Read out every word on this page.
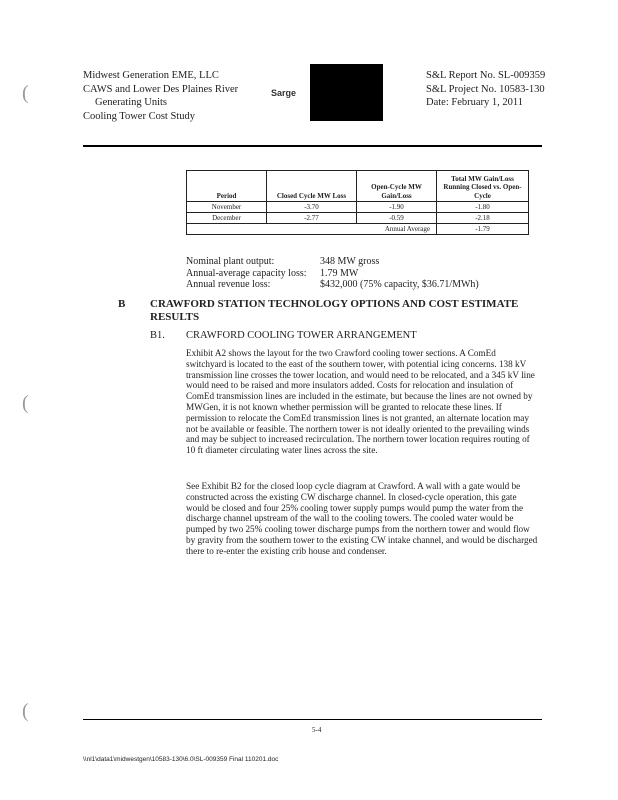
Midwest Generation EME, LLC
CAWS and Lower Des Plaines River
Generating Units
Cooling Tower Cost Study
Sarge
S&L Report No. SL-009359
S&L Project No. 10583-130
Date: February 1, 2011
(
(
(
Period	Closed Cycle MW Loss	Open-Cycle MW Gain/Loss	Total MW Gain/Loss Running Closed vs. Open-Cycle
November	-3.70	-1.90	-1.80
December	-2.77	-0.59	-2.18
Annual Average			-1.79
Nominal plant output:	348 MW gross
Annual-average capacity loss:	1.79 MW
Annual revenue loss:	$432,000 (75% capacity, $36.71/MWh)
B CRAWFORD STATION TECHNOLOGY OPTIONS AND COST ESTIMATE RESULTS
B1. CRAWFORD COOLING TOWER ARRANGEMENT

Exhibit A2 shows the layout for the two Crawford cooling tower sections. A ComEd switchyard is located to the east of the southern tower, with potential icing concerns. 138 kV transmission line crosses the tower location, and would need to be relocated, and a 345 kV line would need to be raised and more insulators added. Costs for relocation and insulation of ComEd transmission lines are included in the estimate, but because the lines are not owned by MWGen, it is not known whether permission will be granted to relocate these lines. If permission to relocate the ComEd transmission lines is not granted, an alternate location may not be available or feasible. The northern tower is not ideally oriented to the prevailing winds and may be subject to increased recirculation. The northern tower location requires routing of 10 ft diameter circulating water lines across the site.

See Exhibit B2 for the closed loop cycle diagram at Crawford. A wall with a gate would be constructed across the existing CW discharge channel. In closed-cycle operation, this gate would be closed and four 25% cooling tower supply pumps would pump the water from the discharge channel upstream of the wall to the cooling towers. The cooled water would be pumped by two 25% cooling tower discharge pumps from the northern tower and would flow by gravity from the southern tower to the existing CW intake channel, and would be discharged there to re-enter the existing crib house and condenser.

5-4
\\nl1\data1\midwestgen\10583-130\6.0\SL-009359 Final 110201.doc
